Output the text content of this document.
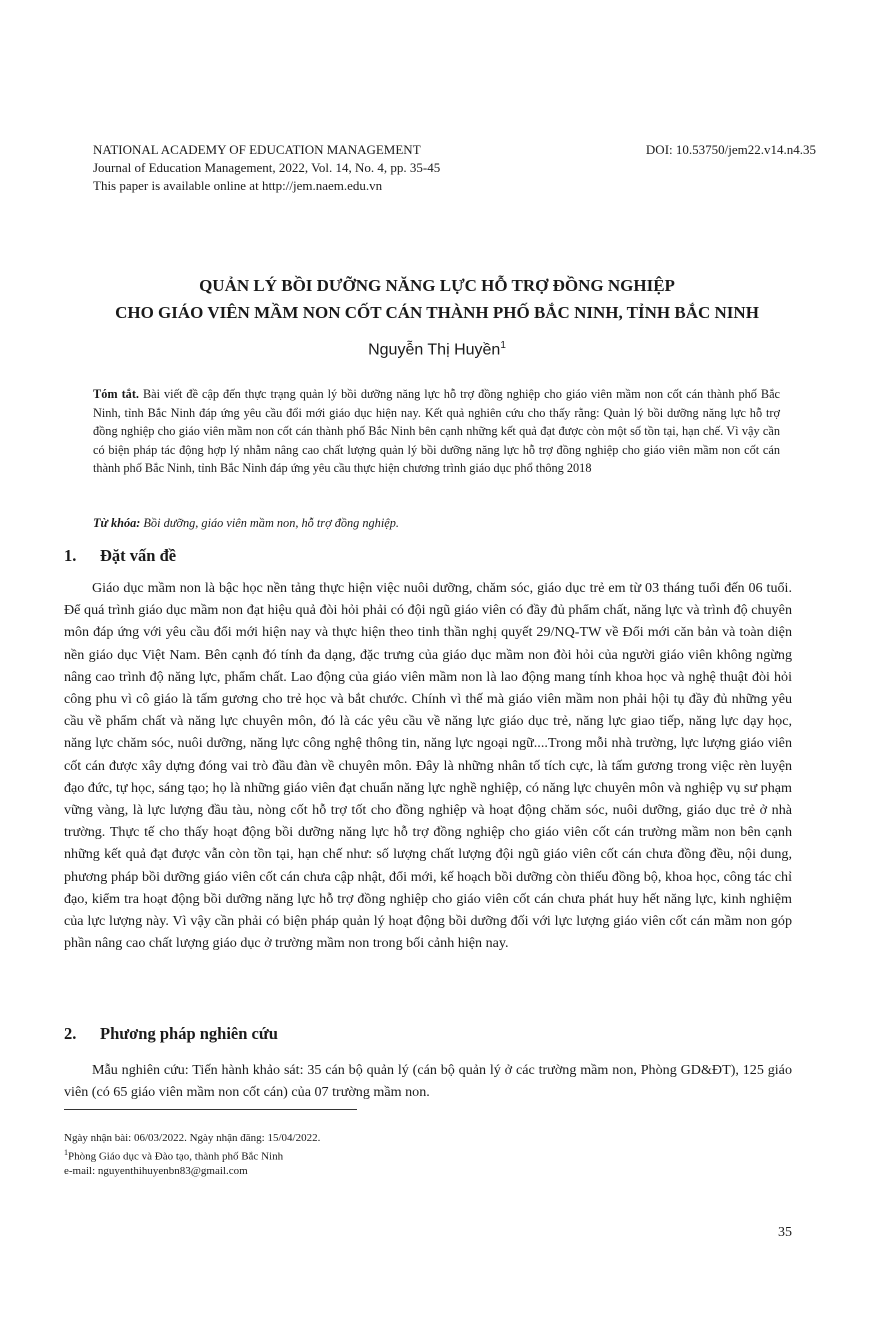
NATIONAL ACADEMY OF EDUCATION MANAGEMENT
Journal of Education Management, 2022, Vol. 14, No. 4, pp. 35-45
This paper is available online at http://jem.naem.edu.vn
DOI: 10.53750/jem22.v14.n4.35
QUẢN LÝ BỒI DƯỠNG NĂNG LỰC HỖ TRỢ ĐỒNG NGHIỆP
CHO GIÁO VIÊN MẦM NON CỐT CÁN THÀNH PHỐ BẮC NINH, TỈNH BẮC NINH
Nguyễn Thị Huyền$^1$
Tóm tắt. Bài viết đề cập đến thực trạng quản lý bồi dưỡng năng lực hỗ trợ đồng nghiệp cho giáo viên mầm non cốt cán thành phố Bắc Ninh, tỉnh Bắc Ninh đáp ứng yêu cầu đổi mới giáo dục hiện nay. Kết quả nghiên cứu cho thấy rằng: Quản lý bồi dưỡng năng lực hỗ trợ đồng nghiệp cho giáo viên mầm non cốt cán thành phố Bắc Ninh bên cạnh những kết quả đạt được còn một số tồn tại, hạn chế. Vì vậy cần có biện pháp tác động hợp lý nhằm nâng cao chất lượng quản lý bồi dưỡng năng lực hỗ trợ đồng nghiệp cho giáo viên mầm non cốt cán thành phố Bắc Ninh, tỉnh Bắc Ninh đáp ứng yêu cầu thực hiện chương trình giáo dục phổ thông 2018
Từ khóa: Bồi dưỡng, giáo viên mầm non, hỗ trợ đồng nghiệp.
1. Đặt vấn đề

Giáo dục mầm non là bậc học nền tảng thực hiện việc nuôi dưỡng, chăm sóc, giáo dục trẻ em từ 03 tháng tuổi đến 06 tuổi. Để quá trình giáo dục mầm non đạt hiệu quả đòi hỏi phải có đội ngũ giáo viên có đầy đủ phẩm chất, năng lực và trình độ chuyên môn đáp ứng với yêu cầu đổi mới hiện nay và thực hiện theo tinh thần nghị quyết 29/NQ-TW về Đổi mới căn bản và toàn diện nền giáo dục Việt Nam. Bên cạnh đó tính đa dạng, đặc trưng của giáo dục mầm non đòi hỏi của người giáo viên không ngừng nâng cao trình độ năng lực, phẩm chất. Lao động của giáo viên mầm non là lao động mang tính khoa học và nghệ thuật đòi hỏi công phu vì cô giáo là tấm gương cho trẻ học và bắt chước. Chính vì thế mà giáo viên mầm non phải hội tụ đầy đủ những yêu cầu về phẩm chất và năng lực chuyên môn, đó là các yêu cầu về năng lực giáo dục trẻ, năng lực giao tiếp, năng lực dạy học, năng lực chăm sóc, nuôi dưỡng, năng lực công nghệ thông tin, năng lực ngoại ngữ....Trong mỗi nhà trường, lực lượng giáo viên cốt cán được xây dựng đóng vai trò đầu đàn về chuyên môn. Đây là những nhân tố tích cực, là tấm gương trong việc rèn luyện đạo đức, tự học, sáng tạo; họ là những giáo viên đạt chuẩn năng lực nghề nghiệp, có năng lực chuyên môn và nghiệp vụ sư phạm vững vàng, là lực lượng đầu tàu, nòng cốt hỗ trợ tốt cho đồng nghiệp và hoạt động chăm sóc, nuôi dưỡng, giáo dục trẻ ở nhà trường. Thực tế cho thấy hoạt động bồi dưỡng năng lực hỗ trợ đồng nghiệp cho giáo viên cốt cán trường mầm non bên cạnh những kết quả đạt được vẫn còn tồn tại, hạn chế như: số lượng chất lượng đội ngũ giáo viên cốt cán chưa đồng đều, nội dung, phương pháp bồi dưỡng giáo viên cốt cán chưa cập nhật, đổi mới, kế hoạch bồi dưỡng còn thiếu đồng bộ, khoa học, công tác chỉ đạo, kiểm tra hoạt động bồi dưỡng năng lực hỗ trợ đồng nghiệp cho giáo viên cốt cán chưa phát huy hết năng lực, kinh nghiệm của lực lượng này. Vì vậy cần phải có biện pháp quản lý hoạt động bồi dưỡng đối với lực lượng giáo viên cốt cán mầm non góp phần nâng cao chất lượng giáo dục ở trường mầm non trong bối cảnh hiện nay.

2. Phương pháp nghiên cứu

Mẫu nghiên cứu: Tiến hành khảo sát: 35 cán bộ quản lý (cán bộ quản lý ở các trường mầm non, Phòng GD&ĐT), 125 giáo viên (có 65 giáo viên mầm non cốt cán) của 07 trường mầm non.

Ngày nhận bài: 06/03/2022. Ngày nhận đăng: 15/04/2022.
$^1$Phòng Giáo dục và Đào tạo, thành phố Bắc Ninh
e-mail: nguyenthihuyenbn83@gmail.com
35
